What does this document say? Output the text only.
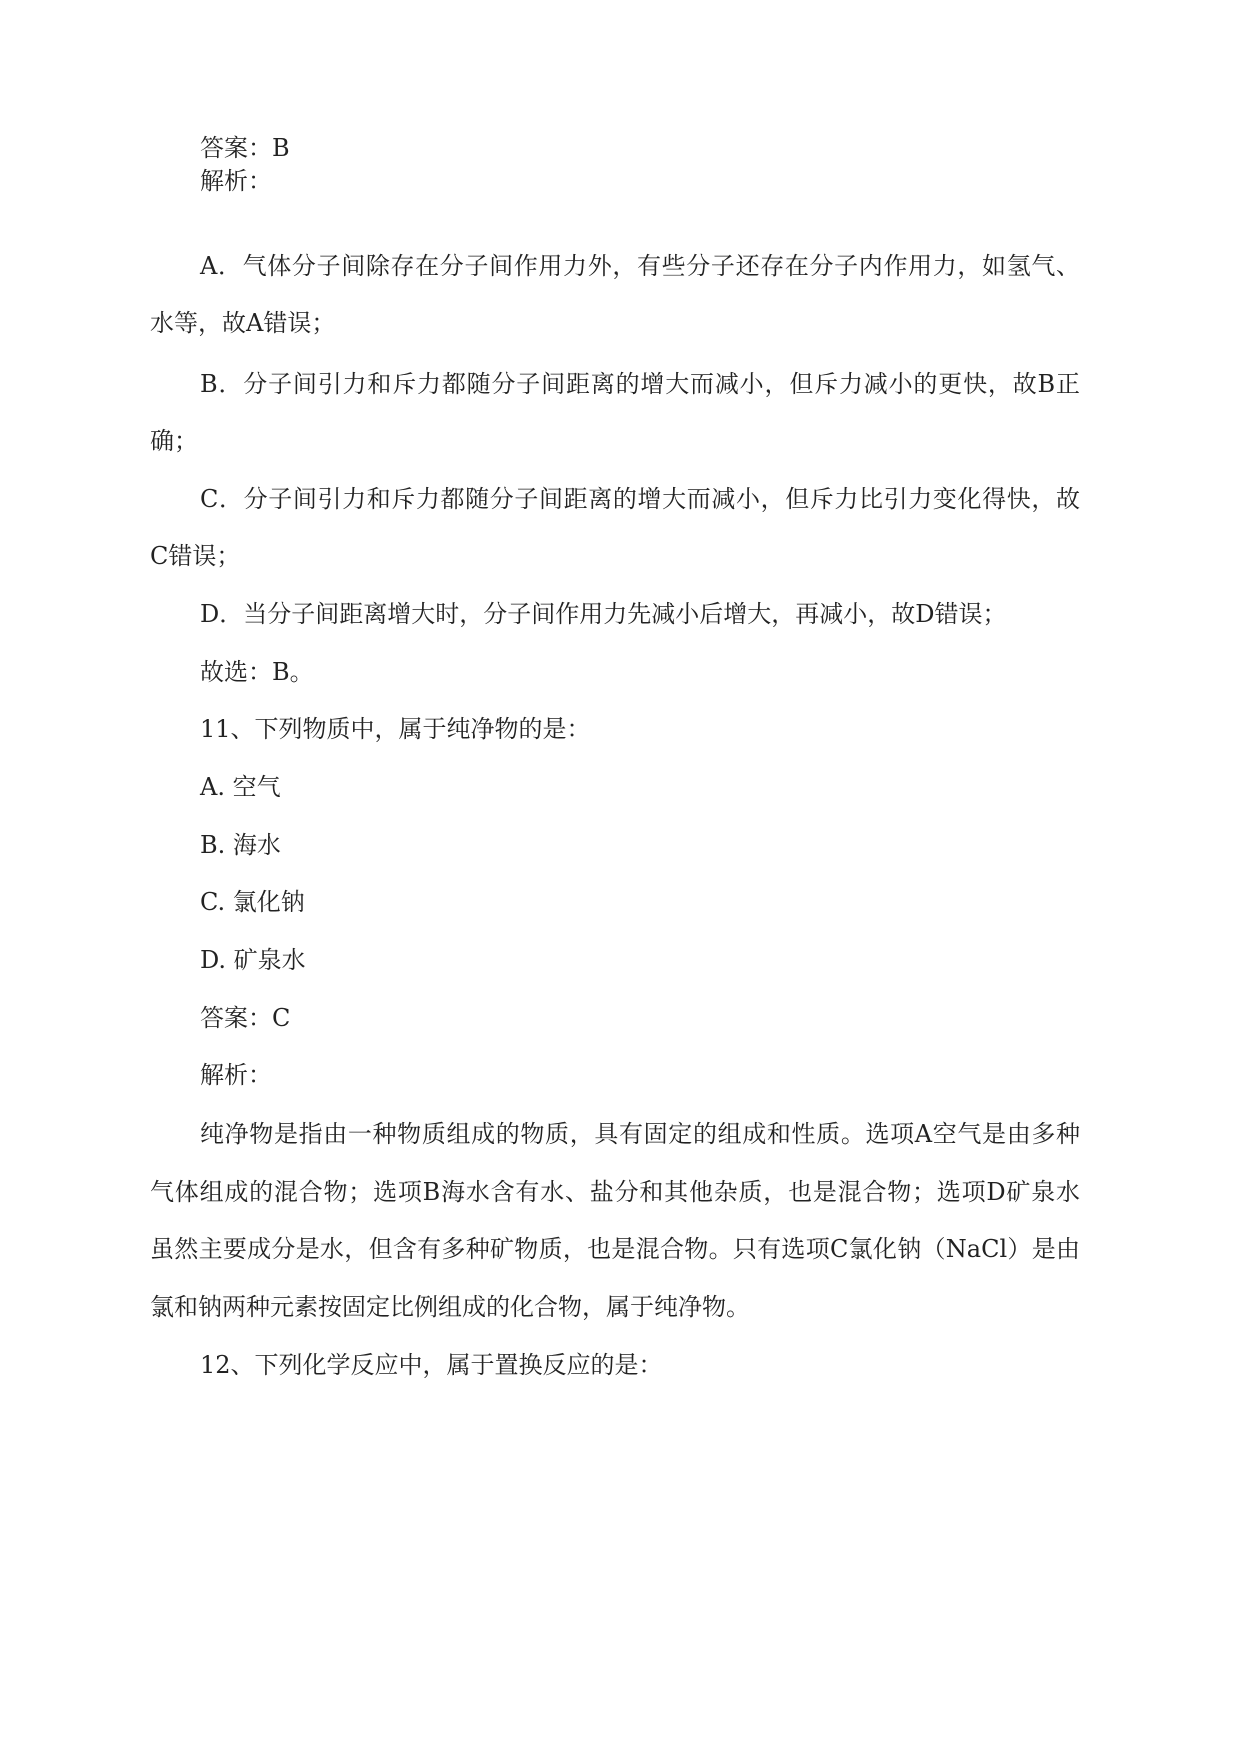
答案：B
解析：
A．气体分子间除存在分子间作用力外，有些分子还存在分子内作用力，如氢气、
水等，故A错误；
B．分子间引力和斥力都随分子间距离的增大而减小，但斥力减小的更快，故B正
确；
C．分子间引力和斥力都随分子间距离的增大而减小，但斥力比引力变化得快，故
C错误；
D．当分子间距离增大时，分子间作用力先减小后增大，再减小，故D错误；
故选：B。
11、下列物质中，属于纯净物的是：
A. 空气
B. 海水
C. 氯化钠
D. 矿泉水
答案：C
解析：
纯净物是指由一种物质组成的物质，具有固定的组成和性质。选项A空气是由多种
气体组成的混合物；选项B海水含有水、盐分和其他杂质，也是混合物；选项D矿泉水
虽然主要成分是水，但含有多种矿物质，也是混合物。只有选项C氯化钠（NaCl）是由
氯和钠两种元素按固定比例组成的化合物，属于纯净物。
12、下列化学反应中，属于置换反应的是：
